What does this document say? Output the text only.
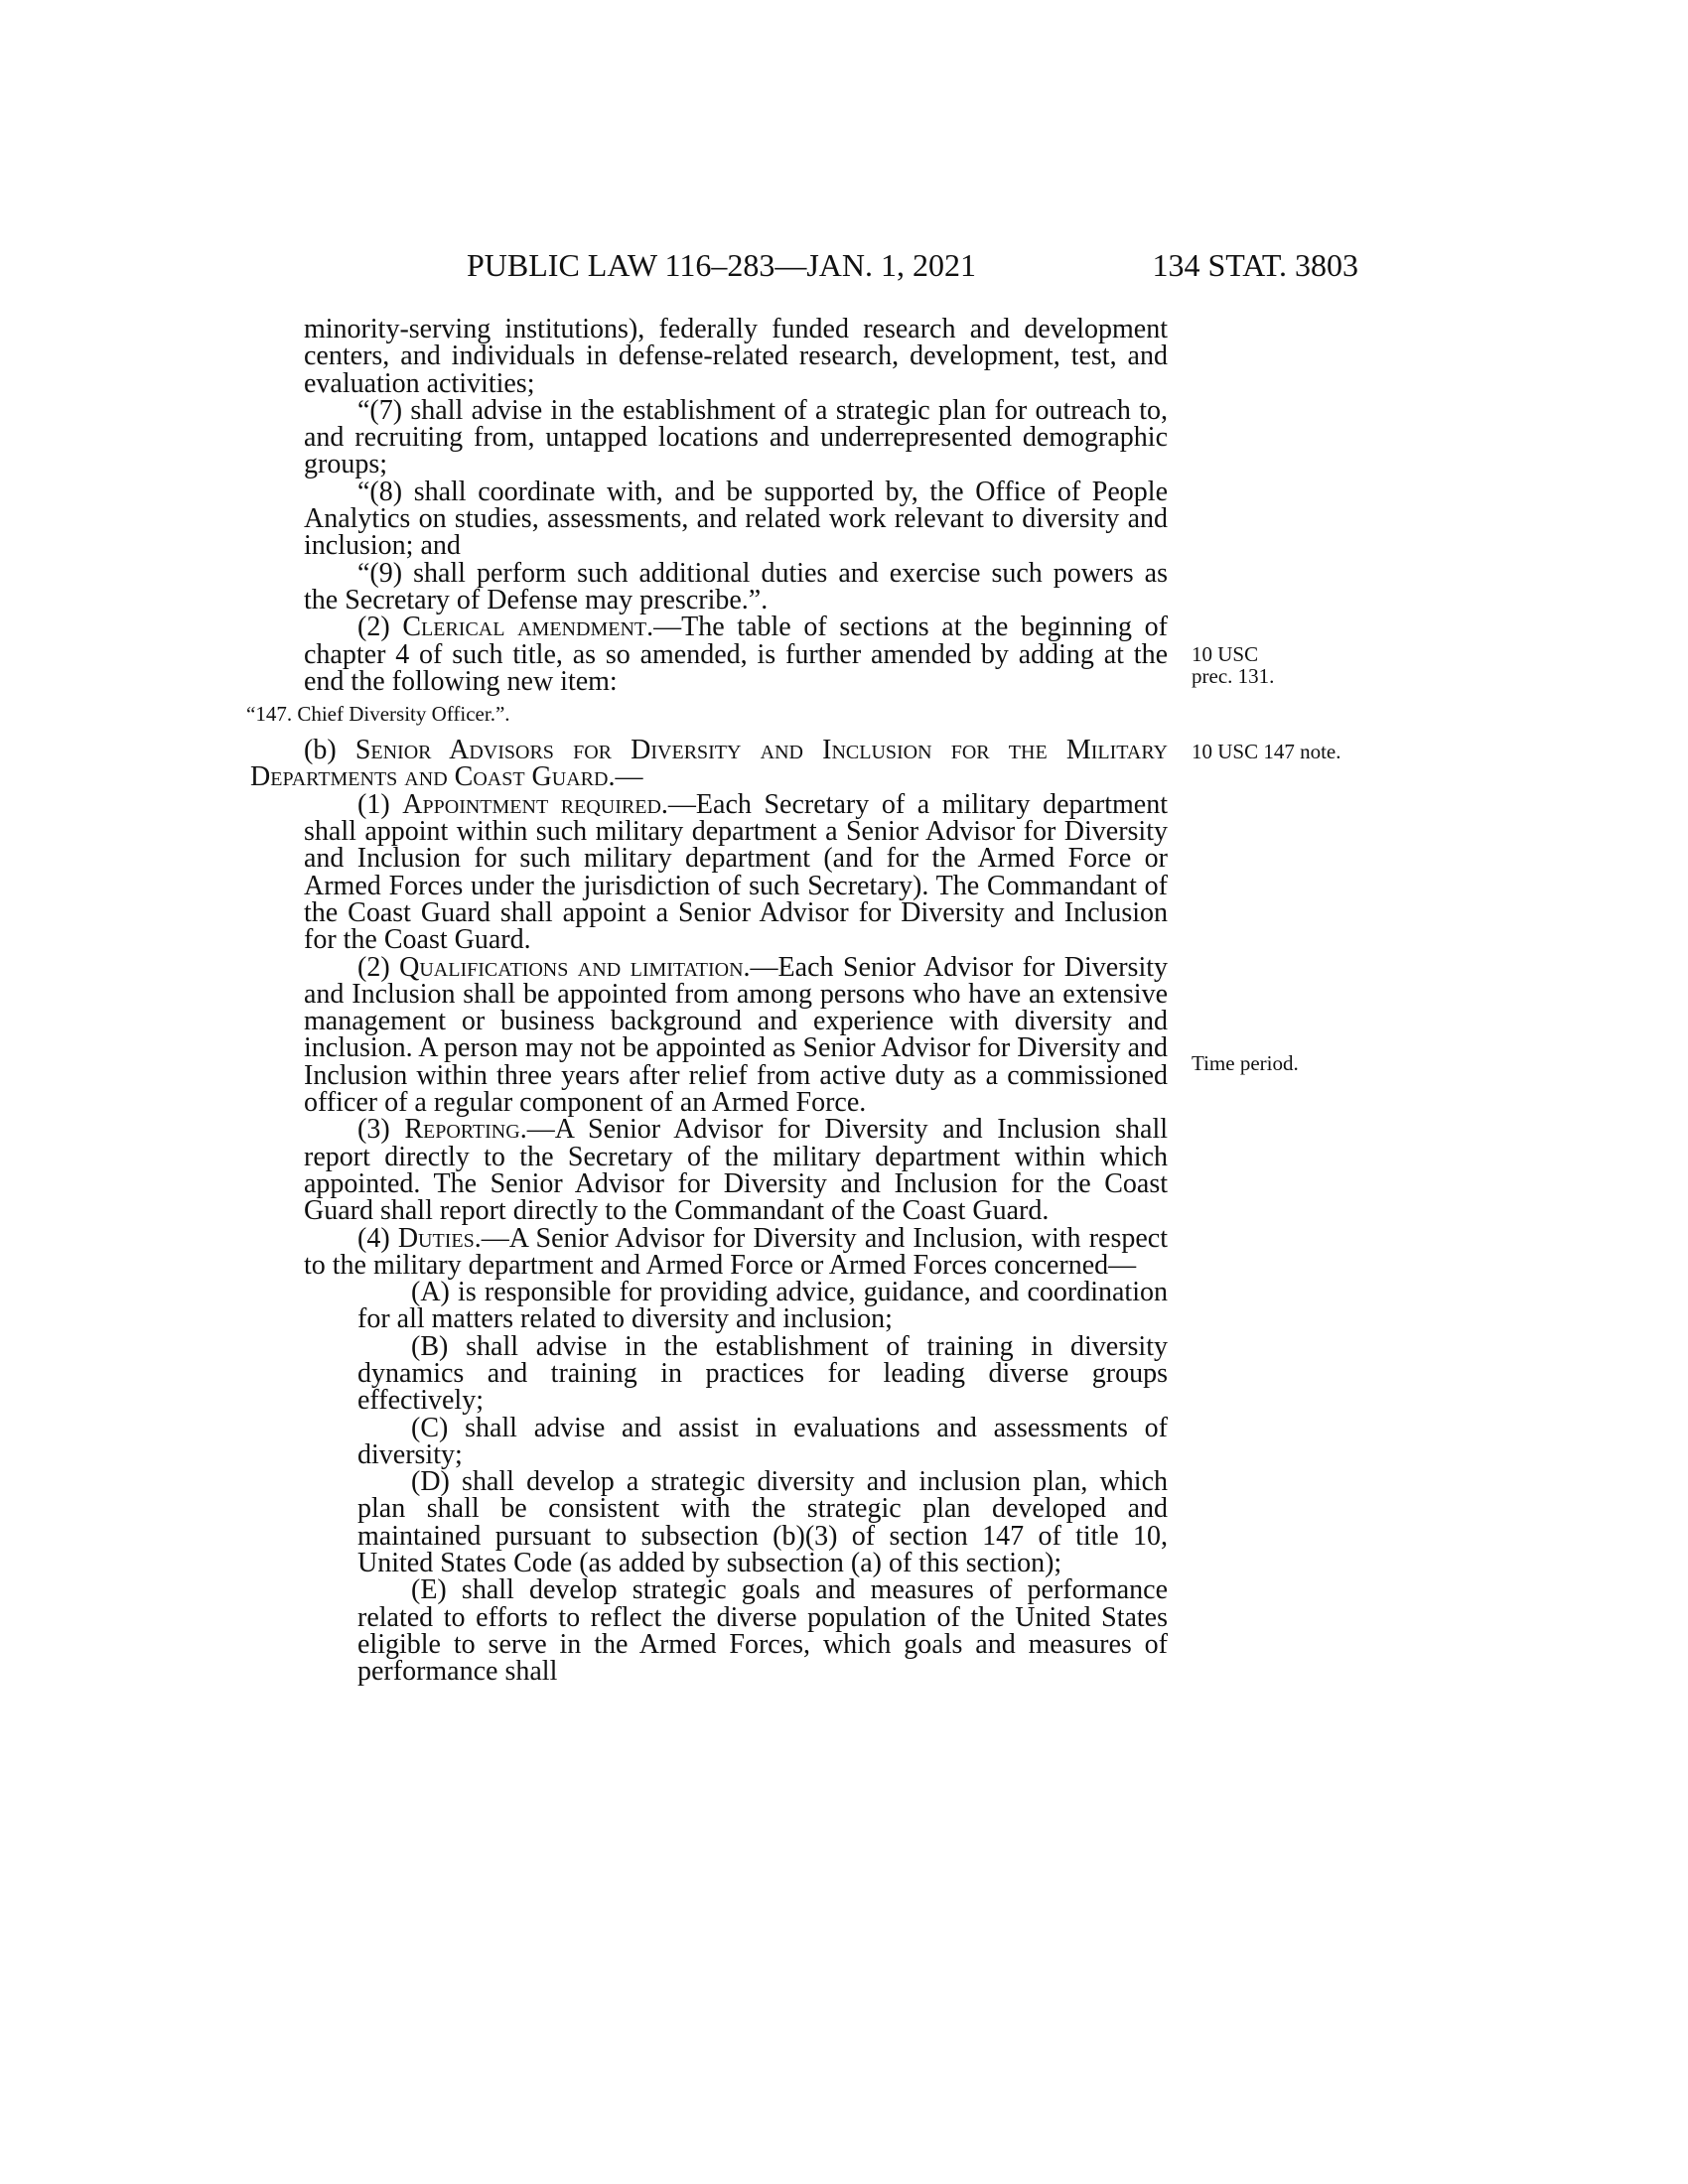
PUBLIC LAW 116–283—JAN. 1, 2021	134 STAT. 3803

minority-serving institutions), federally funded research and development centers, and individuals in defense-related research, development, test, and evaluation activities;

“(7) shall advise in the establishment of a strategic plan for outreach to, and recruiting from, untapped locations and underrepresented demographic groups;

“(8) shall coordinate with, and be supported by, the Office of People Analytics on studies, assessments, and related work relevant to diversity and inclusion; and

“(9) shall perform such additional duties and exercise such powers as the Secretary of Defense may prescribe.”.

(2) Clerical amendment.—The table of sections at the beginning of chapter 4 of such title, as so amended, is further amended by adding at the end the following new item:

“147. Chief Diversity Officer.”.

(b) Senior Advisors for Diversity and Inclusion for the Military Departments and Coast Guard.—

(1) Appointment required.—Each Secretary of a military department shall appoint within such military department a Senior Advisor for Diversity and Inclusion for such military department (and for the Armed Force or Armed Forces under the jurisdiction of such Secretary). The Commandant of the Coast Guard shall appoint a Senior Advisor for Diversity and Inclusion for the Coast Guard.

(2) Qualifications and limitation.—Each Senior Advisor for Diversity and Inclusion shall be appointed from among persons who have an extensive management or business background and experience with diversity and inclusion. A person may not be appointed as Senior Advisor for Diversity and Inclusion within three years after relief from active duty as a commissioned officer of a regular component of an Armed Force.

(3) Reporting.—A Senior Advisor for Diversity and Inclusion shall report directly to the Secretary of the military department within which appointed. The Senior Advisor for Diversity and Inclusion for the Coast Guard shall report directly to the Commandant of the Coast Guard.

(4) Duties.—A Senior Advisor for Diversity and Inclusion, with respect to the military department and Armed Force or Armed Forces concerned—

(A) is responsible for providing advice, guidance, and coordination for all matters related to diversity and inclusion;

(B) shall advise in the establishment of training in diversity dynamics and training in practices for leading diverse groups effectively;

(C) shall advise and assist in evaluations and assessments of diversity;

(D) shall develop a strategic diversity and inclusion plan, which plan shall be consistent with the strategic plan developed and maintained pursuant to subsection (b)(3) of section 147 of title 10, United States Code (as added by subsection (a) of this section);

(E) shall develop strategic goals and measures of performance related to efforts to reflect the diverse population of the United States eligible to serve in the Armed Forces, which goals and measures of performance shall

10 USC
prec. 131.
10 USC 147 note.
Time period.
